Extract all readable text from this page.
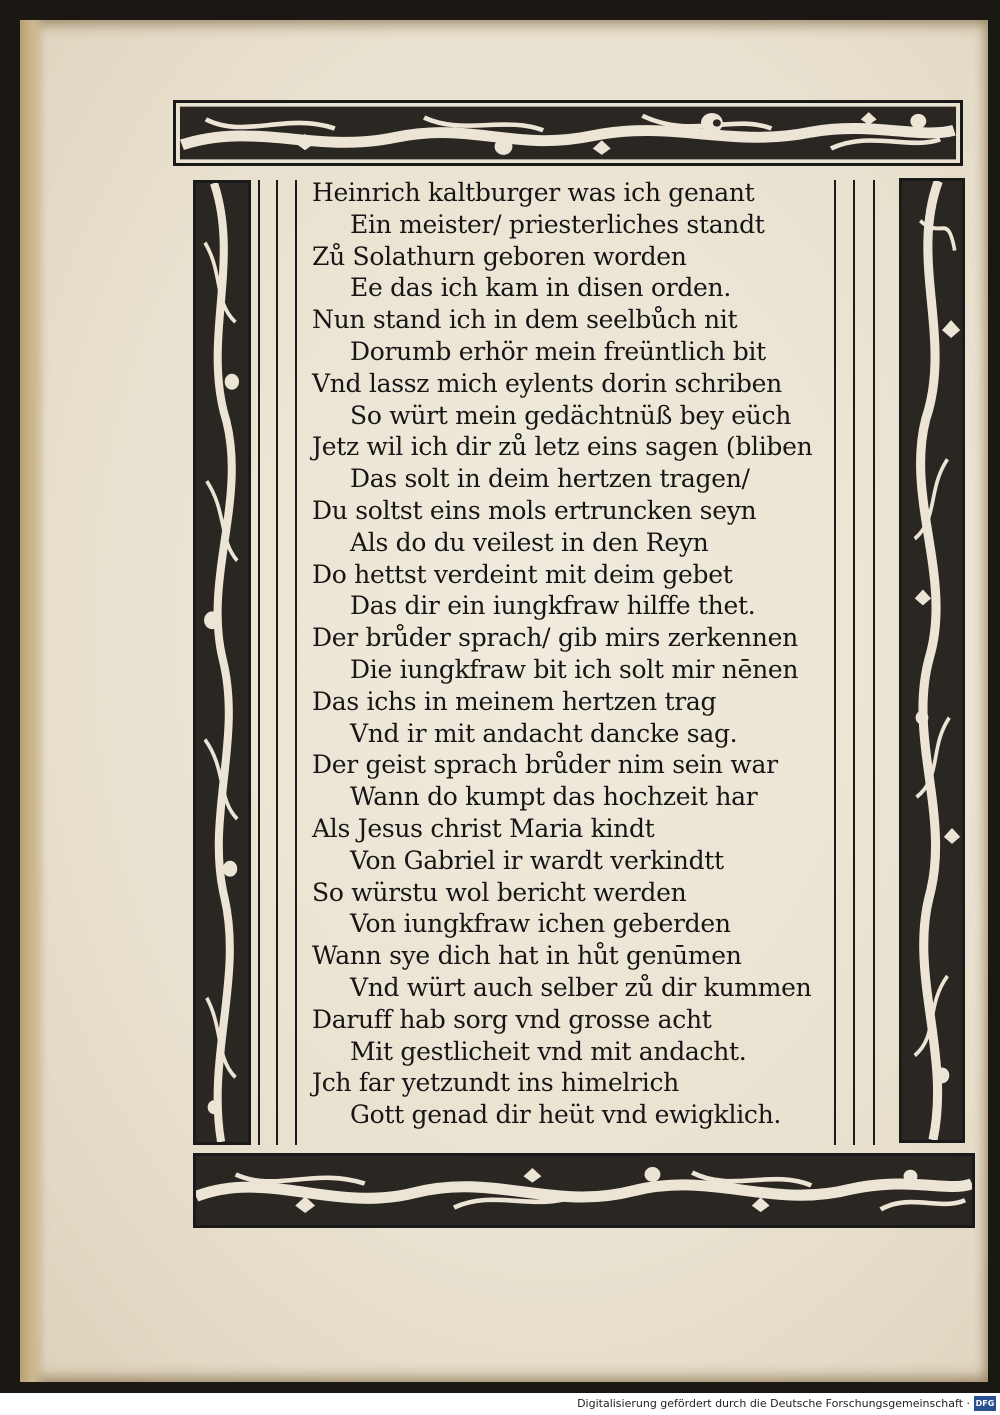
Heinrich kaltburger was ich genant
Ein meister/ priesterliches standt
Zů Solathurn geboren worden
Ee das ich kam in disen orden.
Nun stand ich in dem seelbůch nit
Dorumb erhör mein freüntlich bit
Vnd lassz mich eylents dorin schriben
So würt mein gedächtnüß bey eüch
Jetz wil ich dir zů letz eins sagen (bliben
Das solt in deim hertzen tragen/
Du soltst eins mols ertruncken seyn
Als do du veilest in den Reyn
Do hettst verdeint mit deim gebet
Das dir ein iungkfraw hilffe thet.
Der brůder sprach/ gib mirs zerkennen
Die iungkfraw bit ich solt mir nēnen
Das ichs in meinem hertzen trag
Vnd ir mit andacht dancke sag.
Der geist sprach brůder nim sein war
Wann do kumpt das hochzeit har
Als Jesus christ Maria kindt
Von Gabriel ir wardt verkindtt
So würstu wol bericht werden
Von iungkfraw ichen geberden
Wann sye dich hat in hůt genūmen
Vnd würt auch selber zů dir kummen
Daruff hab sorg vnd grosse acht
Mit gestlicheit vnd mit andacht.
Jch far yetzundt ins himelrich
Gott genad dir heüt vnd ewigklich.
Digitalisierung gefördert durch die Deutsche Forschungsgemeinschaft · DFG
